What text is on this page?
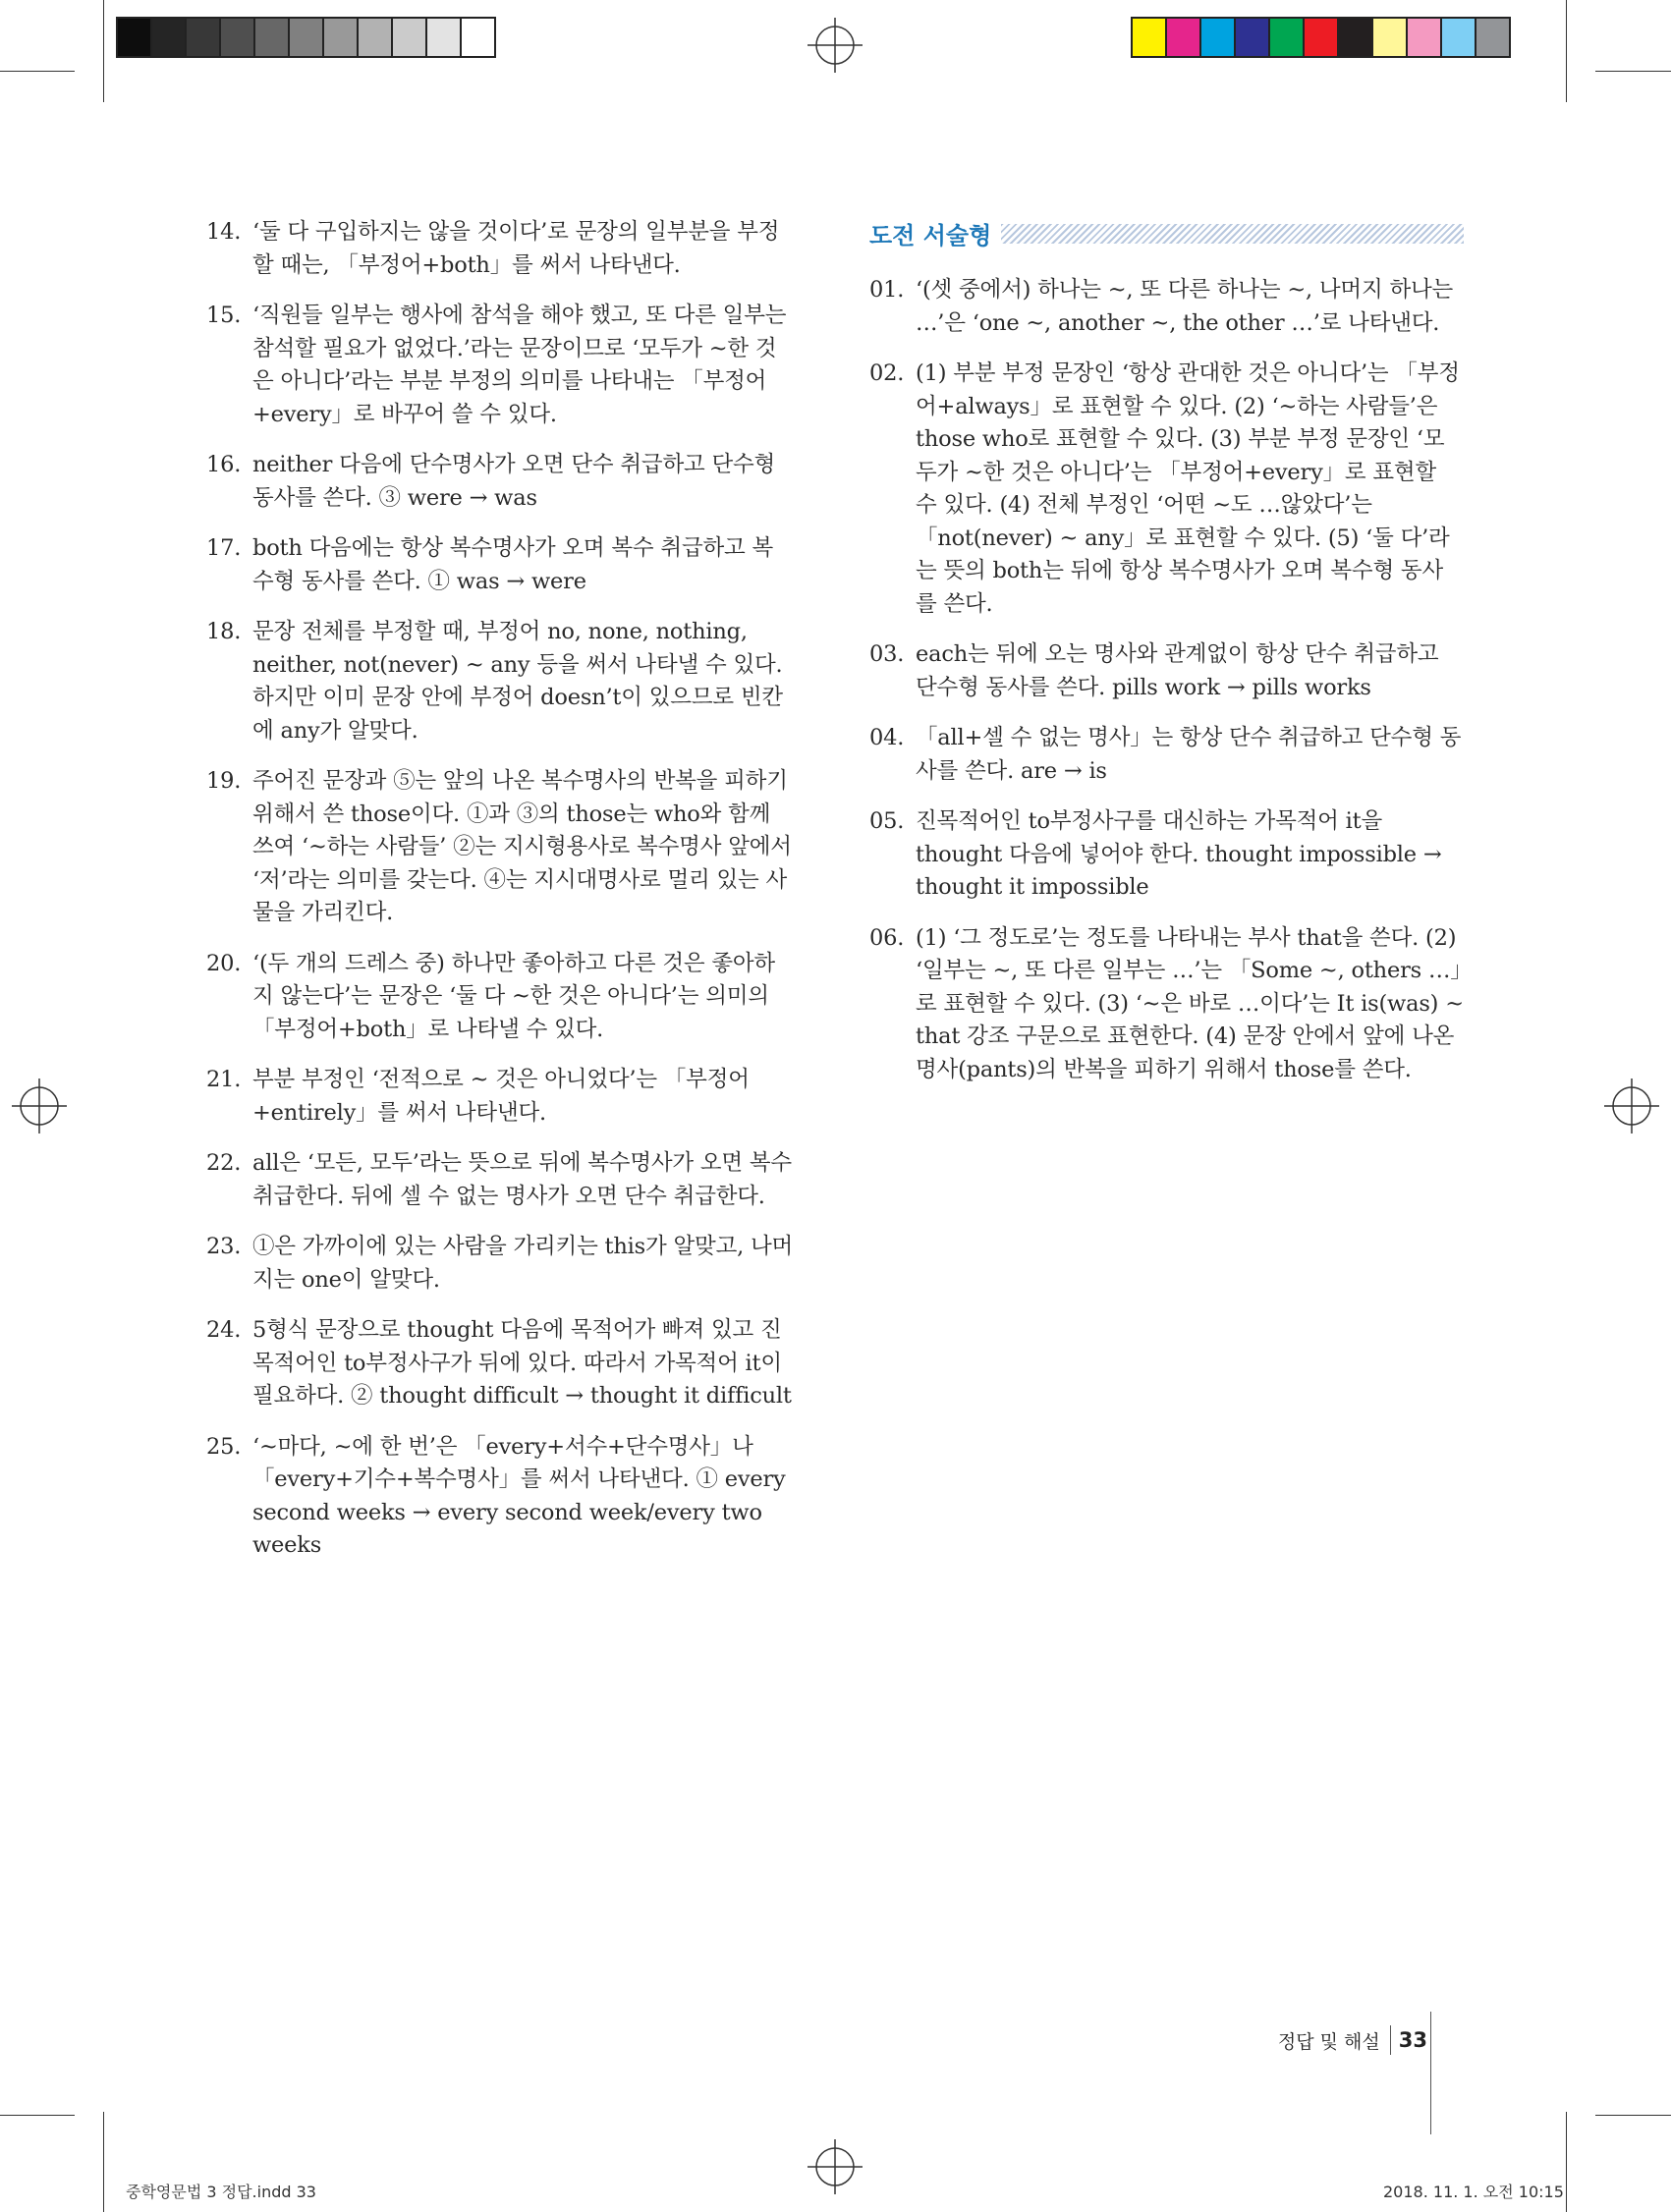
14. ‘둘 다 구입하지는 않을 것이다’로 문장의 일부분을 부정할 때는, 「부정어+both」를 써서 나타낸다.
15. ‘직원들 일부는 행사에 참석을 해야 했고, 또 다른 일부는 참석할 필요가 없었다.’라는 문장이므로 ‘모두가 ~한 것은 아니다’라는 부분 부정의 의미를 나타내는 「부정어+every」로 바꾸어 쓸 수 있다.
16. neither 다음에 단수명사가 오면 단수 취급하고 단수형 동사를 쓴다. ③ were → was
17. both 다음에는 항상 복수명사가 오며 복수 취급하고 복수형 동사를 쓴다. ① was → were
18. 문장 전체를 부정할 때, 부정어 no, none, nothing, neither, not(never) ~ any 등을 써서 나타낼 수 있다. 하지만 이미 문장 안에 부정어 doesn’t이 있으므로 빈칸에 any가 알맞다.
19. 주어진 문장과 ⑤는 앞의 나온 복수명사의 반복을 피하기 위해서 쓴 those이다. ①과 ③의 those는 who와 함께 쓰여 ‘~하는 사람들’ ②는 지시형용사로 복수명사 앞에서 ‘저’라는 의미를 갖는다. ④는 지시대명사로 멀리 있는 사물을 가리킨다.
20. ‘(두 개의 드레스 중) 하나만 좋아하고 다른 것은 좋아하지 않는다’는 문장은 ‘둘 다 ~한 것은 아니다’는 의미의 「부정어+both」로 나타낼 수 있다.
21. 부분 부정인 ‘전적으로 ~ 것은 아니었다’는 「부정어+entirely」를 써서 나타낸다.
22. all은 ‘모든, 모두’라는 뜻으로 뒤에 복수명사가 오면 복수 취급한다. 뒤에 셀 수 없는 명사가 오면 단수 취급한다.
23. ①은 가까이에 있는 사람을 가리키는 this가 알맞고, 나머지는 one이 알맞다.
24. 5형식 문장으로 thought 다음에 목적어가 빠져 있고 진목적어인 to부정사구가 뒤에 있다. 따라서 가목적어 it이 필요하다. ② thought difficult → thought it difficult
25. ‘~마다, ~에 한 번’은 「every+서수+단수명사」나 「every+기수+복수명사」를 써서 나타낸다. ① every second weeks → every second week/every two weeks
도전 서술형
01. ‘(셋 중에서) 하나는 ~, 또 다른 하나는 ~, 나머지 하나는 …’은 ‘one ~, another ~, the other …’로 나타낸다.
02. (1) 부분 부정 문장인 ‘항상 관대한 것은 아니다’는 「부정어+always」로 표현할 수 있다. (2) ‘~하는 사람들’은 those who로 표현할 수 있다. (3) 부분 부정 문장인 ‘모두가 ~한 것은 아니다’는 「부정어+every」로 표현할 수 있다. (4) 전체 부정인 ‘어떤 ~도 …않았다’는 「not(never) ~ any」로 표현할 수 있다. (5) ‘둘 다’라는 뜻의 both는 뒤에 항상 복수명사가 오며 복수형 동사를 쓴다.
03. each는 뒤에 오는 명사와 관계없이 항상 단수 취급하고 단수형 동사를 쓴다. pills work → pills works
04. 「all+셀 수 없는 명사」는 항상 단수 취급하고 단수형 동사를 쓴다. are → is
05. 진목적어인 to부정사구를 대신하는 가목적어 it을 thought 다음에 넣어야 한다. thought impossible → thought it impossible
06. (1) ‘그 정도로’는 정도를 나타내는 부사 that을 쓴다. (2) ‘일부는 ~, 또 다른 일부는 …’는 「Some ~, others …」로 표현할 수 있다. (3) ‘~은 바로 …이다’는 It is(was) ~ that 강조 구문으로 표현한다. (4) 문장 안에서 앞에 나온 명사(pants)의 반복을 피하기 위해서 those를 쓴다.
정답 및 해설 33
중학영문법 3 정답.indd 33	2018. 11. 1. 오전 10:15
